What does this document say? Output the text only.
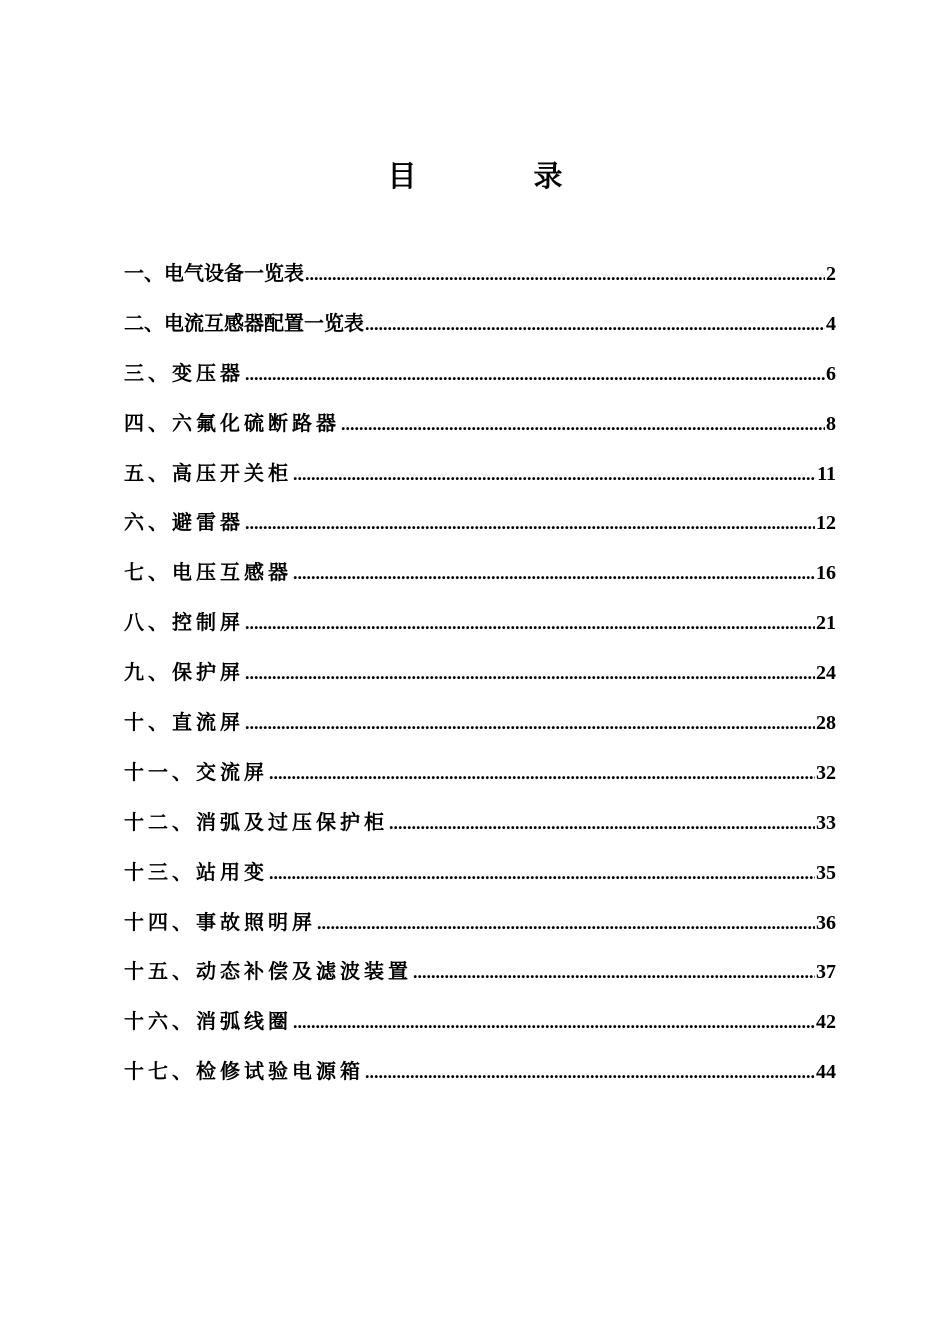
目　录
一、电气设备一览表 .....	2
二、电流互感器配置一览表 .....	4
三、变压器 .....	6
四、六氟化硫断路器 .....	8
五、高压开关柜 .....	11
六、避雷器 .....	12
七、电压互感器 .....	16
八、控制屏 .....	21
九、保护屏 .....	24
十、直流屏 .....	28
十一、交流屏 .....	32
十二、消弧及过压保护柜 .....	33
十三、站用变 .....	35
十四、事故照明屏 .....	36
十五、动态补偿及滤波装置 .....	37
十六、消弧线圈 .....	42
十七、检修试验电源箱 .....	44
